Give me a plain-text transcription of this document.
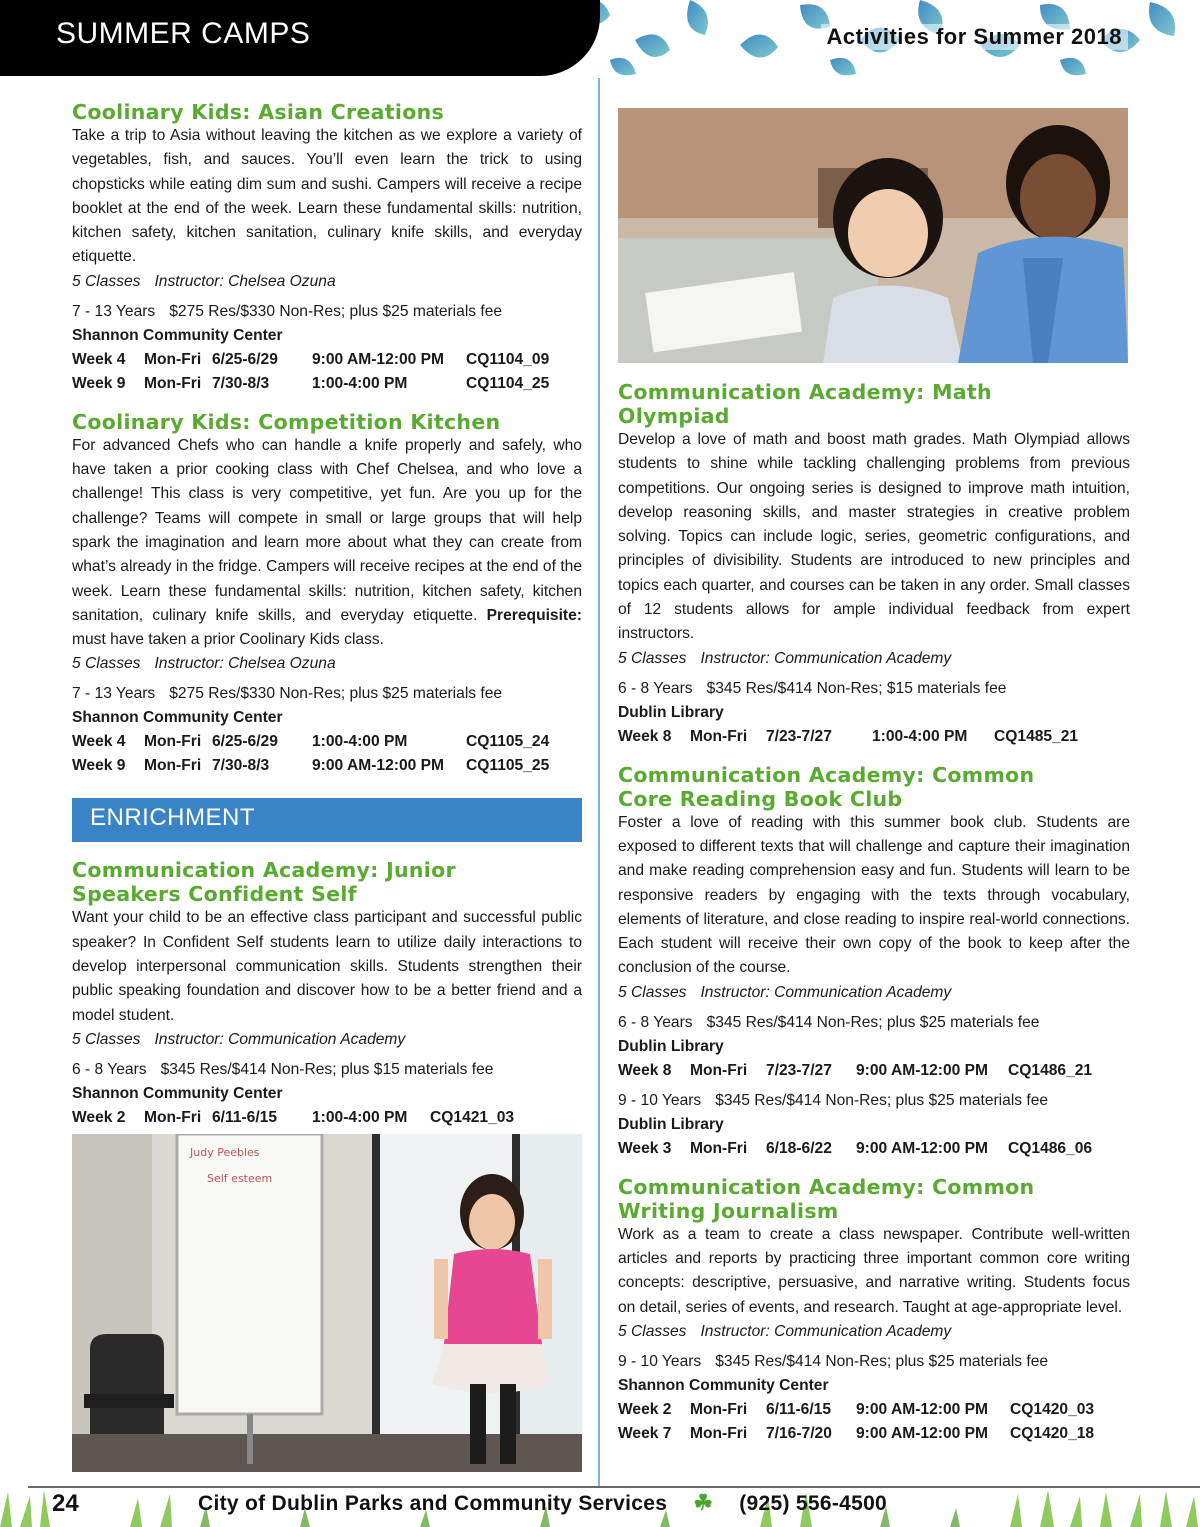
SUMMER CAMPS	Activities for Summer 2018
Coolinary Kids: Asian Creations
Take a trip to Asia without leaving the kitchen as we explore a variety of vegetables, fish, and sauces. You’ll even learn the trick to using chopsticks while eating dim sum and sushi. Campers will receive a recipe booklet at the end of the week. Learn these fundamental skills: nutrition, kitchen safety, kitchen sanitation, culinary knife skills, and everyday etiquette.
5 Classes Instructor: Chelsea Ozuna
7 - 13 Years $275 Res/$330 Non-Res; plus $25 materials fee
Shannon Community Center
Week 4 Mon-Fri 6/25-6/29 9:00 AM-12:00 PM CQ1104_09
Week 9 Mon-Fri 7/30-8/3	1:00-4:00 PM	CQ1104_25
Coolinary Kids: Competition Kitchen
For advanced Chefs who can handle a knife properly and safely, who have taken a prior cooking class with Chef Chelsea, and who love a challenge! This class is very competitive, yet fun. Are you up for the challenge? Teams will compete in small or large groups that will help spark the imagination and learn more about what they can create from what’s already in the fridge. Campers will receive recipes at the end of the week. Learn these fundamental skills: nutrition, kitchen safety, kitchen sanitation, culinary knife skills, and everyday etiquette. Prerequisite: must have taken a prior Coolinary Kids class.
5 Classes Instructor: Chelsea Ozuna
7 - 13 Years $275 Res/$330 Non-Res; plus $25 materials fee
Shannon Community Center
Week 4 Mon-Fri 6/25-6/29 1:00-4:00 PM	CQ1105_24
Week 9 Mon-Fri 7/30-8/3	9:00 AM-12:00 PM CQ1105_25
ENRICHMENT
Communication Academy: Junior
Speakers Confident Self
Want your child to be an effective class participant and successful public speaker? In Confident Self students learn to utilize daily interactions to develop interpersonal communication skills. Students strengthen their public speaking foundation and discover how to be a better friend and a model student.
5 Classes Instructor: Communication Academy
6 - 8 Years $345 Res/$414 Non-Res; plus $15 materials fee
Shannon Community Center
Week 2 Mon-Fri 6/11-6/15 1:00-4:00 PM CQ1421_03
Judy Peebles
Self esteem
Communication Academy: Math
Olympiad
Develop a love of math and boost math grades. Math Olympiad allows students to shine while tackling challenging problems from previous competitions. Our ongoing series is designed to improve math intuition, develop reasoning skills, and master strategies in creative problem solving. Topics can include logic, series, geometric configurations, and principles of divisibility. Students are introduced to new principles and topics each quarter, and courses can be taken in any order. Small classes of 12 students allows for ample individual feedback from expert instructors.
5 Classes Instructor: Communication Academy
6 - 8 Years $345 Res/$414 Non-Res; $15 materials fee
Dublin Library
Week 8 Mon-Fri 7/23-7/27	1:00-4:00 PM CQ1485_21
Communication Academy: Common
Core Reading Book Club
Foster a love of reading with this summer book club. Students are exposed to different texts that will challenge and capture their imagination and make reading comprehension easy and fun. Students will learn to be responsive readers by engaging with the texts through vocabulary, elements of literature, and close reading to inspire real-world connections. Each student will receive their own copy of the book to keep after the conclusion of the course.
5 Classes Instructor: Communication Academy
6 - 8 Years $345 Res/$414 Non-Res; plus $25 materials fee
Dublin Library
Week 8 Mon-Fri 7/23-7/27 9:00 AM-12:00 PM CQ1486_21
9 - 10 Years $345 Res/$414 Non-Res; plus $25 materials fee
Dublin Library
Week 3 Mon-Fri 6/18-6/22 9:00 AM-12:00 PM CQ1486_06
Communication Academy: Common
Writing Journalism
Work as a team to create a class newspaper. Contribute well-written articles and reports by practicing three important common core writing concepts: descriptive, persuasive, and narrative writing. Students focus on detail, series of events, and research. Taught at age-appropriate level.
5 Classes Instructor: Communication Academy
9 - 10 Years $345 Res/$414 Non-Res; plus $25 materials fee
Shannon Community Center
Week 2 Mon-Fri 6/11-6/15 9:00 AM-12:00 PM CQ1420_03
Week 7 Mon-Fri 7/16-7/20 9:00 AM-12:00 PM CQ1420_18
24	City of Dublin Parks and Community Services ☘ (925) 556-4500
